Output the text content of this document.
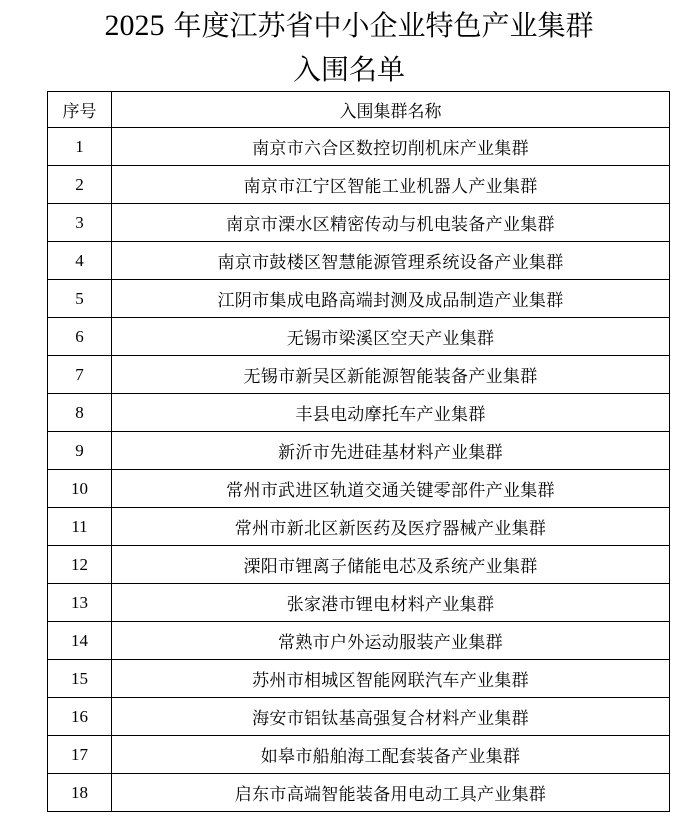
2025 年度江苏省中小企业特色产业集群
入围名单
序号	入围集群名称
1	南京市六合区数控切削机床产业集群
2	南京市江宁区智能工业机器人产业集群
3	南京市溧水区精密传动与机电装备产业集群
4	南京市鼓楼区智慧能源管理系统设备产业集群
5	江阴市集成电路高端封测及成品制造产业集群
6	无锡市梁溪区空天产业集群
7	无锡市新吴区新能源智能装备产业集群
8	丰县电动摩托车产业集群
9	新沂市先进硅基材料产业集群
10	常州市武进区轨道交通关键零部件产业集群
11	常州市新北区新医药及医疗器械产业集群
12	溧阳市锂离子储能电芯及系统产业集群
13	张家港市锂电材料产业集群
14	常熟市户外运动服装产业集群
15	苏州市相城区智能网联汽车产业集群
16	海安市铝钛基高强复合材料产业集群
17	如皋市船舶海工配套装备产业集群
18	启东市高端智能装备用电动工具产业集群
